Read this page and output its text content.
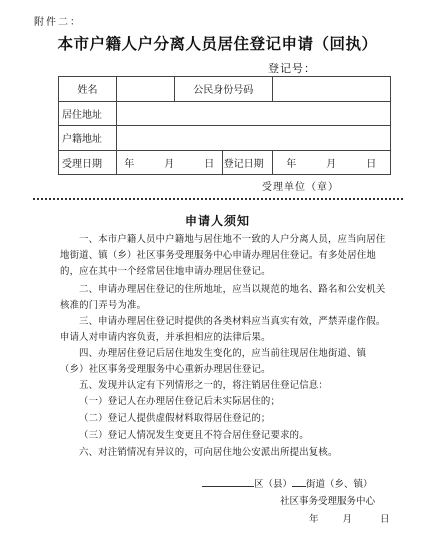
附件二：
本市户籍人户分离人员居住登记申请（回执）
登记号：
姓名		公民身份号码		
居住地址				
户籍地址				
受理日期	年　　　月　　　日		登记日期	年　　　月　　　日
受理单位（章）
申请人须知
一、本市户籍人员中户籍地与居住地不一致的人户分离人员，应当向居住地街道、镇（乡）社区事务受理服务中心申请办理居住登记。有多处居住地的，应在其中一个经常居住地申请办理居住登记。
二、申请办理居住登记的住所地址，应当以规范的地名、路名和公安机关核准的门弄号为准。
三、申请办理居住登记时提供的各类材料应当真实有效，严禁弄虚作假。申请人对申请内容负责，并承担相应的法律后果。
四、办理居住登记后居住地发生变化的，应当前往现居住地街道、镇（乡）社区事务受理服务中心重新办理居住登记。
五、发现并认定有下列情形之一的，将注销居住登记信息：
（一）登记人在办理居住登记后未实际居住的；
（二）登记人提供虚假材料取得居住登记的；
（三）登记人情况发生变更且不符合居住登记要求的。
六、对注销情况有异议的，可向居住地公安派出所提出复核。
区（县） 街道（乡、镇）
社区事务受理服务中心
年	月	日
